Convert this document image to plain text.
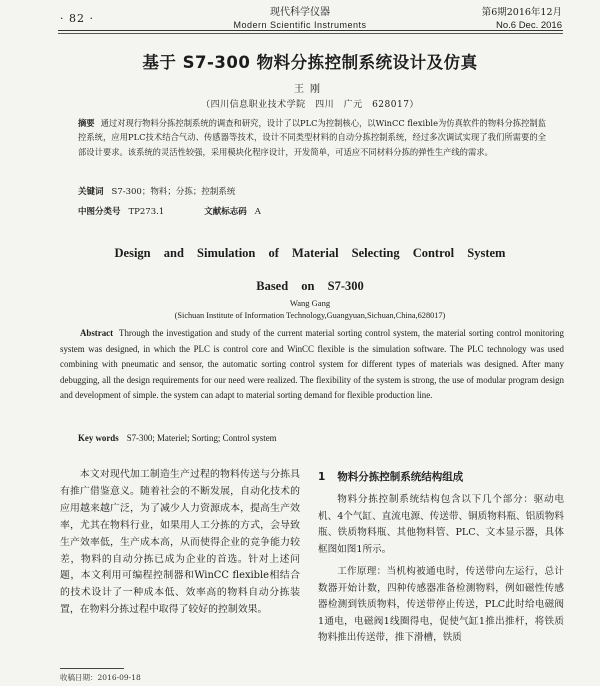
· 82 ·	现代科学仪器
Modern Scientific Instruments
第6期2016年12月
No.6 Dec. 2016
基于 S7-300 物料分拣控制系统设计及仿真
王刚
（四川信息职业技术学院　四川　广元　628017）
摘要 通过对现行物料分拣控制系统的调查和研究，设计了以PLC为控制核心，以WinCC flexible为仿真软件的物料分拣控制监控系统，应用PLC技术结合气动、传感器等技术，设计不同类型材料的自动分拣控制系统，经过多次调试实现了我们所需要的全部设计要求。该系统的灵活性较强，采用模块化程序设计，开发简单，可适应不同材料分拣的弹性生产线的需求。
关键词 S7-300；物料；分拣；控制系统
中图分类号 TP273.1	文献标志码 A
Design and Simulation of Material Selecting Control System
Based on S7-300
Wang Gang
(Sichuan Institute of Information Technology,Guangyuan,Sichuan,China,628017)
Abstract Through the investigation and study of the current material sorting control system, the material sorting control monitoring system was designed, in which the PLC is control core and WinCC flexible is the simulation software. The PLC technology was used combining with pneumatic and sensor, the automatic sorting control system for different types of materials was designed. After many debugging, all the design requirements for our need were realized. The flexibility of the system is strong, the use of modular program design and development of simple. the system can adapt to material sorting demand for flexible production line.
Key words S7-300; Materiel; Sorting; Control system

本文对现代加工制造生产过程的物料传送与分拣具有推广借鉴意义。随着社会的不断发展，自动化技术的应用越来越广泛，为了减少人力资源成本，提高生产效率，尤其在物料行业，如果用人工分拣的方式，会导致生产效率低，生产成本高，从而使得企业的竞争能力较差，物料的自动分拣已成为企业的首选。针对上述问题，本文利用可编程控制器和WinCC flexible相结合的技术设计了一种成本低、效率高的物料自动分拣装置，在物料分拣过程中取得了较好的控制效果。

1 物料分拣控制系统结构组成

物料分拣控制系统结构包含以下几个部分：驱动电机、4个气缸、直流电源、传送带、铜质物料瓶、铝质物料瓶、铁质物料瓶、其他物料管、PLC、文本显示器，具体框图如图1所示。

工作原理：当机构被通电时，传送带向左运行，总计数器开始计数，四种传感器准备检测物料，例如磁性传感器检测到铁质物料，传送带停止传送，PLC此时给电磁阀1通电，电磁阀1线圈得电，促使气缸1推出推杆，将铁质物料推出传送带，推下滑槽，铁质

收稿日期：2016-09-18
